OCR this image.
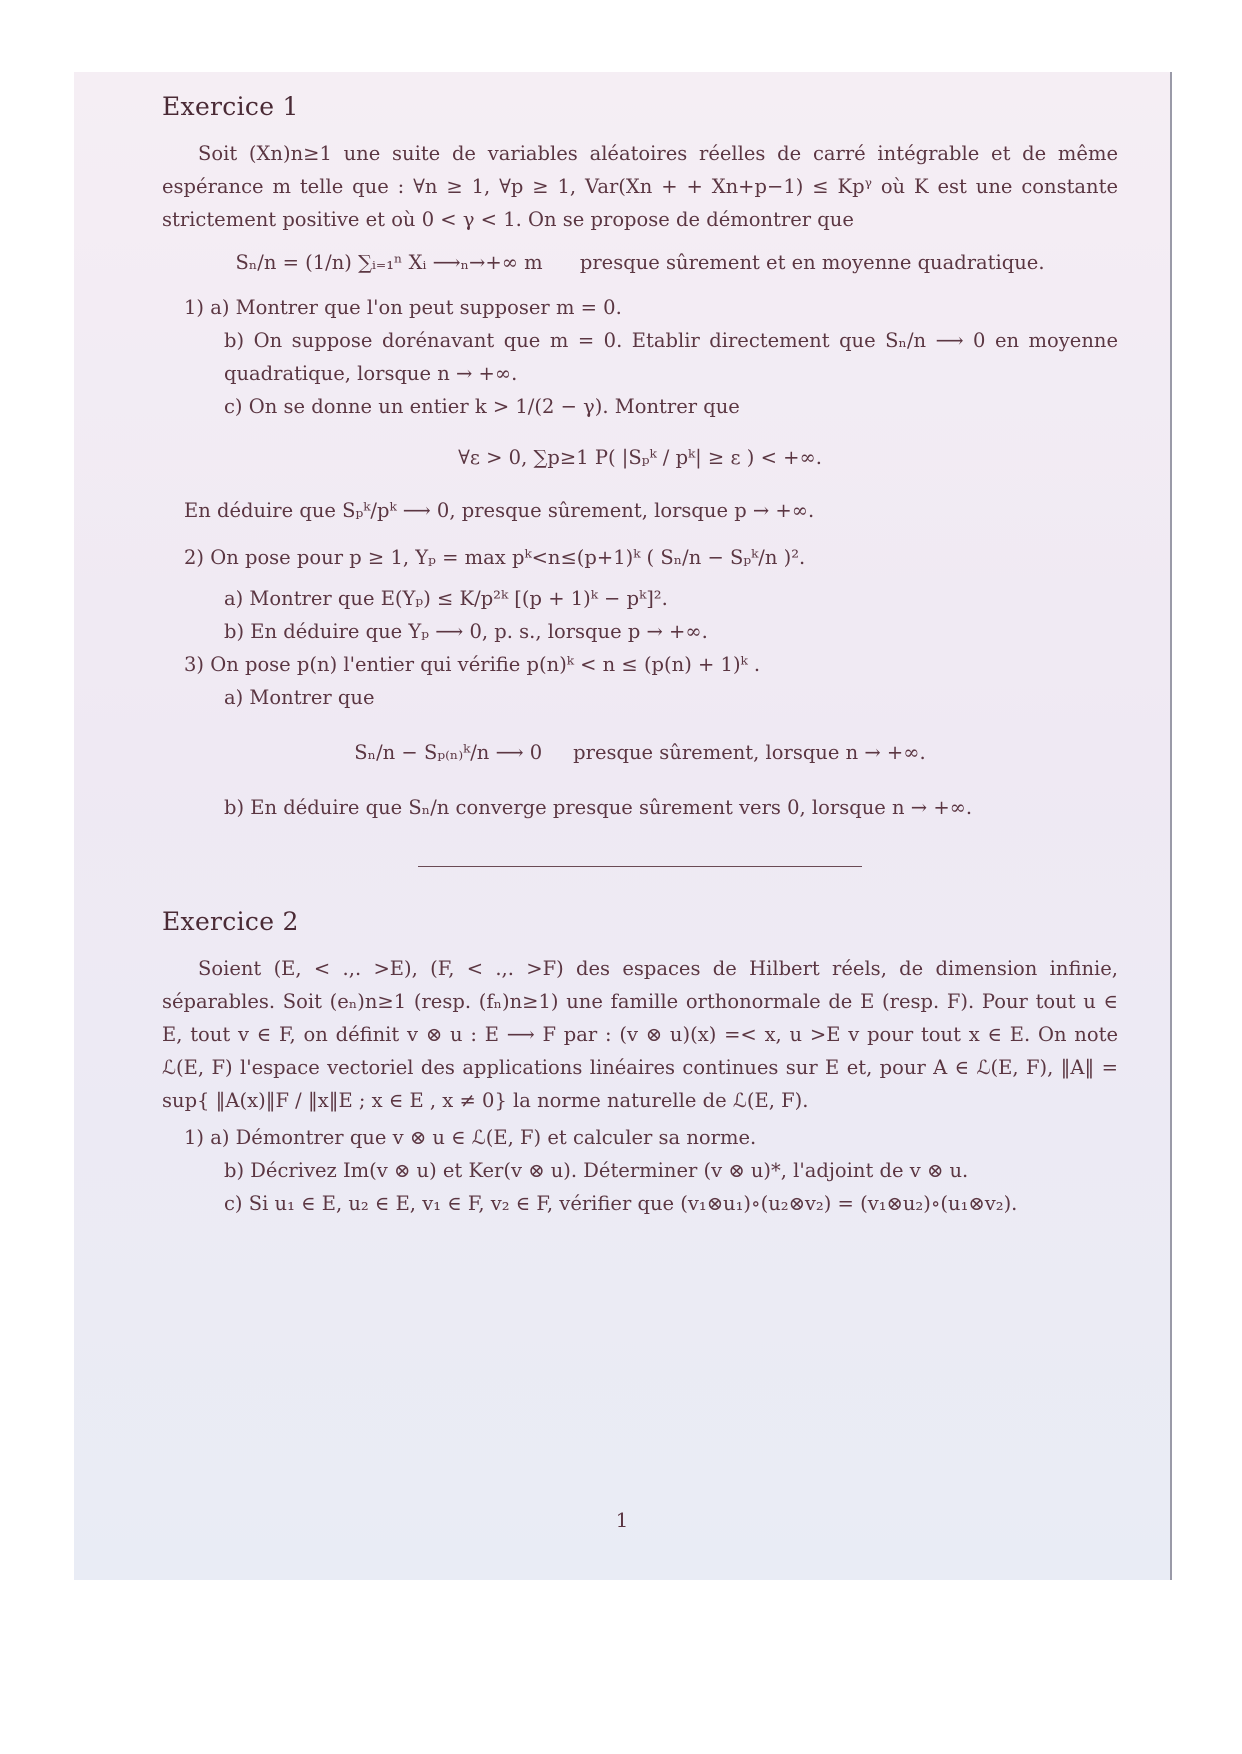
Exercice 1

Soit (Xn)n≥1 une suite de variables aléatoires réelles de carré intégrable et de même espérance m telle que : ∀n ≥ 1, ∀p ≥ 1, Var(Xn + + Xn+p−1) ≤ Kpᵞ où K est une constante strictement positive et où 0 < γ < 1. On se propose de démontrer que

Sₙ/n = (1/n) ∑ᵢ₌₁ⁿ Xᵢ ⟶ₙ→+∞ m presque sûrement et en moyenne quadratique.

1) a) Montrer que l'on peut supposer m = 0.

b) On suppose dorénavant que m = 0. Etablir directement que Sₙ/n ⟶ 0 en moyenne quadratique, lorsque n → +∞.

c) On se donne un entier k > 1/(2 − γ). Montrer que

∀ε > 0, ∑p≥1 P( |Sₚᵏ / pᵏ| ≥ ε ) < +∞.

En déduire que Sₚᵏ/pᵏ ⟶ 0, presque sûrement, lorsque p → +∞.

2) On pose pour p ≥ 1, Yₚ = max pᵏ<n≤(p+1)ᵏ ( Sₙ/n − Sₚᵏ/n )².

a) Montrer que E(Yₚ) ≤ K/p²ᵏ [(p + 1)ᵏ − pᵏ]².

b) En déduire que Yₚ ⟶ 0, p. s., lorsque p → +∞.

3) On pose p(n) l'entier qui vérifie p(n)ᵏ < n ≤ (p(n) + 1)ᵏ .

a) Montrer que

Sₙ/n − Sₚ₍ₙ₎ᵏ/n ⟶ 0 presque sûrement, lorsque n → +∞.

b) En déduire que Sₙ/n converge presque sûrement vers 0, lorsque n → +∞.

Exercice 2

Soient (E, < .,. >E), (F, < .,. >F) des espaces de Hilbert réels, de dimension infinie, séparables. Soit (eₙ)n≥1 (resp. (fₙ)n≥1) une famille orthonormale de E (resp. F). Pour tout u ∈ E, tout v ∈ F, on définit v ⊗ u : E ⟶ F par : (v ⊗ u)(x) =< x, u >E v pour tout x ∈ E. On note ℒ(E, F) l'espace vectoriel des applications linéaires continues sur E et, pour A ∈ ℒ(E, F), ‖A‖ = sup{ ‖A(x)‖F / ‖x‖E ; x ∈ E , x ≠ 0} la norme naturelle de ℒ(E, F).

1) a) Démontrer que v ⊗ u ∈ ℒ(E, F) et calculer sa norme.

b) Décrivez Im(v ⊗ u) et Ker(v ⊗ u). Déterminer (v ⊗ u)*, l'adjoint de v ⊗ u.

c) Si u₁ ∈ E, u₂ ∈ E, v₁ ∈ F, v₂ ∈ F, vérifier que (v₁⊗u₁)∘(u₂⊗v₂) = (v₁⊗u₂)∘(u₁⊗v₂).

1
